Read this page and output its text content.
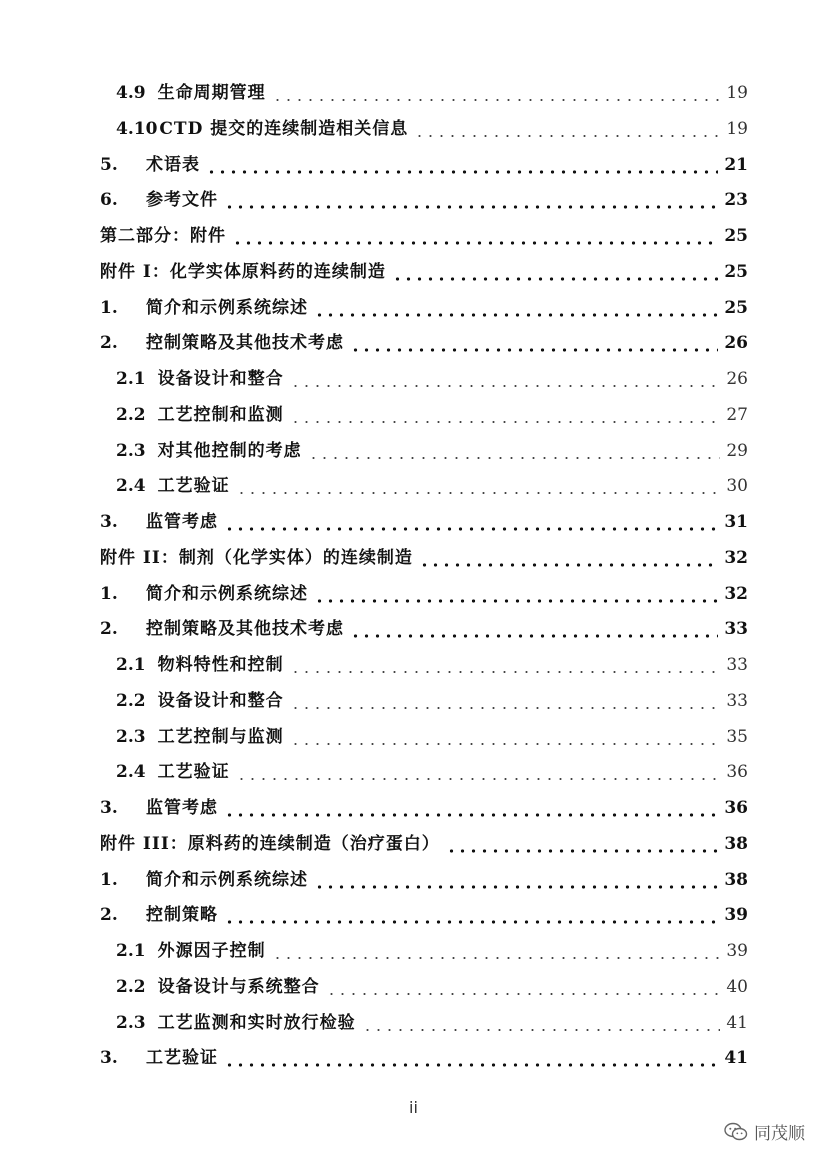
4.9 生命周期管理	19
4.10 CTD 提交的连续制造相关信息	19
5.	术语表	21
6.	参考文件	23
第二部分：附件	25
附件 I：化学实体原料药的连续制造	25
1.	简介和示例系统综述	25
2.	控制策略及其他技术考虑	26
2.1 设备设计和整合	26
2.2 工艺控制和监测	27
2.3 对其他控制的考虑	29
2.4 工艺验证	30
3.	监管考虑	31
附件 II：制剂（化学实体）的连续制造	32
1.	简介和示例系统综述	32
2.	控制策略及其他技术考虑	33
2.1 物料特性和控制	33
2.2 设备设计和整合	33
2.3 工艺控制与监测	35
2.4 工艺验证	36
3.	监管考虑	36
附件 III：原料药的连续制造（治疗蛋白）	38
1.	简介和示例系统综述	38
2.	控制策略	39
2.1 外源因子控制	39
2.2 设备设计与系统整合	40
2.3 工艺监测和实时放行检验	41
3.	工艺验证	41
ii
同茂顺
